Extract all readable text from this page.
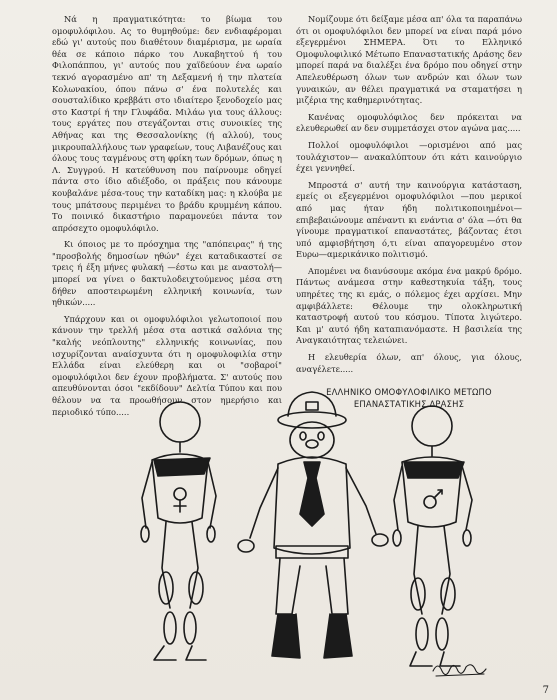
Νά η πραγματικότητα: το βίωμα του ομοφυλόφιλου. Ας το θυμηθούμε: δεν ενδιαφέρομαι εδώ γι' αυτούς που διαθέτουν διαμέρισμα, με ωραία θέα σε κάποιο πάρκο του Λυκαβηττού ή του Φιλοπάππου, γι' αυτούς που χαϊδεύουν ένα ωραίο τεκνό αγορασμένο απ' τη Δεξαμενή ή την πλατεία Κολωνακίου, όπου πάνω σ' ένα πολυτελές και σουσταλίδικο κρεββάτι στο ιδιαίτερο ξενοδοχείο μας στο Καστρί ή την Γλυφάδα. Μιλάω για τους άλλους: τους εργάτες που στεγάζονται στις συνοικίες της Αθήνας και της Θεσσαλονίκης (ή αλλού), τους μικρουπαλλήλους των γραφείων, τους Λιβανέζους και όλους τους ταγμένους στη φρίκη των δρόμων, όπως η Λ. Συγγρού. Η κατεύθυνση που παίρνουμε οδηγεί πάντα στο ίδιο αδιέξοδο, οι πράξεις που κάνουμε κουβαλάνε μέσα-τους την καταδίκη μας: η κλούβα με τους μπάτσους περιμένει το βράδυ κρυμμένη κάπου. Το ποινικό δικαστήριο παραμονεύει πάντα τον απρόσεχτο ομοφυλόφιλο.

Κι όποιος με το πρόσχημα της "απόπειρας" ή της "προσβολής δημοσίων ηθών" έχει καταδικαστεί σε τρεις ή έξη μήνες φυλακή —έστω και με αναστολή— μπορεί να γίνει ο δακτυλοδειχτούμενος μέσα στη δήθεν αποστειρωμένη ελληνική κοινωνία, των ηθικών.....

Υπάρχουν και οι ομοφυλόφιλοι γελωτοποιοί που κάνουν την τρελλή μέσα στα αστικά σαλόνια της "καλής νεόπλουτης" ελληνικής κοινωνίας, που ισχυρίζονται αναίσχυντα ότι η ομοφυλοφιλία στην Ελλάδα είναι ελεύθερη και οι "σοβαροί" ομοφυλόφιλοι δεν έχουν προβλήματα. Σ' αυτούς που απευθύνονται όσοι "εκδίδουν" Δελτία Τύπου και που θέλουν να τα προωθήσουν στον ημερήσιο και περιοδικό τύπο.....

Νομίζουμε ότι δείξαμε μέσα απ' όλα τα παραπάνω ότι οι ομοφυλόφιλοι δεν μπορεί να είναι παρά μόνο εξεγερμένοι ΣΗΜΕΡΑ. Ότι το Ελληνικό Ομοφυλοφιλικό Μέτωπο Επαναστατικής Δράσης δεν μπορεί παρά να διαλέξει ένα δρόμο που οδηγεί στην Απελευθέρωση όλων των ανδρών και όλων των γυναικών, αν θέλει πραγματικά να σταματήσει η μιζέρια της καθημερινότητας.

Κανένας ομοφυλόφιλος δεν πρόκειται να ελευθερωθεί αν δεν συμμετάσχει στον αγώνα μας.....

Πολλοί ομοφυλόφιλοι —ορισμένοι από μας τουλάχιστον— ανακαλύπτουν ότι κάτι καινούργιο έχει γεννηθεί.

Μπροστά σ' αυτή την καινούργια κατάσταση, εμείς οι εξεγερμένοι ομοφυλόφιλοι —που μερικοί από μας ήταν ήδη πολιτικοποιημένοι— επιβεβαιώνουμε απέναντι κι ενάντια σ' όλα —ότι θα γίνουμε πραγματικοί επαναστάτες, βάζοντας έτσι υπό αμφισβήτηση ό,τι είναι απαγορευμένο στον Ευρω—αμερικάνικο πολιτισμό.

Απομένει να διανύσουμε ακόμα ένα μακρύ δρόμο. Πάντως ανάμεσα στην καθεστηκυία τάξη, τους υπηρέτες της κι εμάς, ο πόλεμος έχει αρχίσει. Μην αμφιβάλλετε: Θέλουμε την ολοκληρωτική καταστροφή αυτού του κόσμου. Τίποτα λιγώτερο. Και μ' αυτό ήδη καταπιανόμαστε. Η βασιλεία της Αναγκαιότητας τελειώνει.

Η ελευθερία όλων, απ' όλους, για όλους, αναγέλετε.....

ΕΛΛΗΝΙΚΟ ΟΜΟΦΥΛΟΦΙΛΙΚΟ ΜΕΤΩΠΟ
ΕΠΑΝΑΣΤΑΤΙΚΗΣ ΔΡΑΣΗΣ
7
